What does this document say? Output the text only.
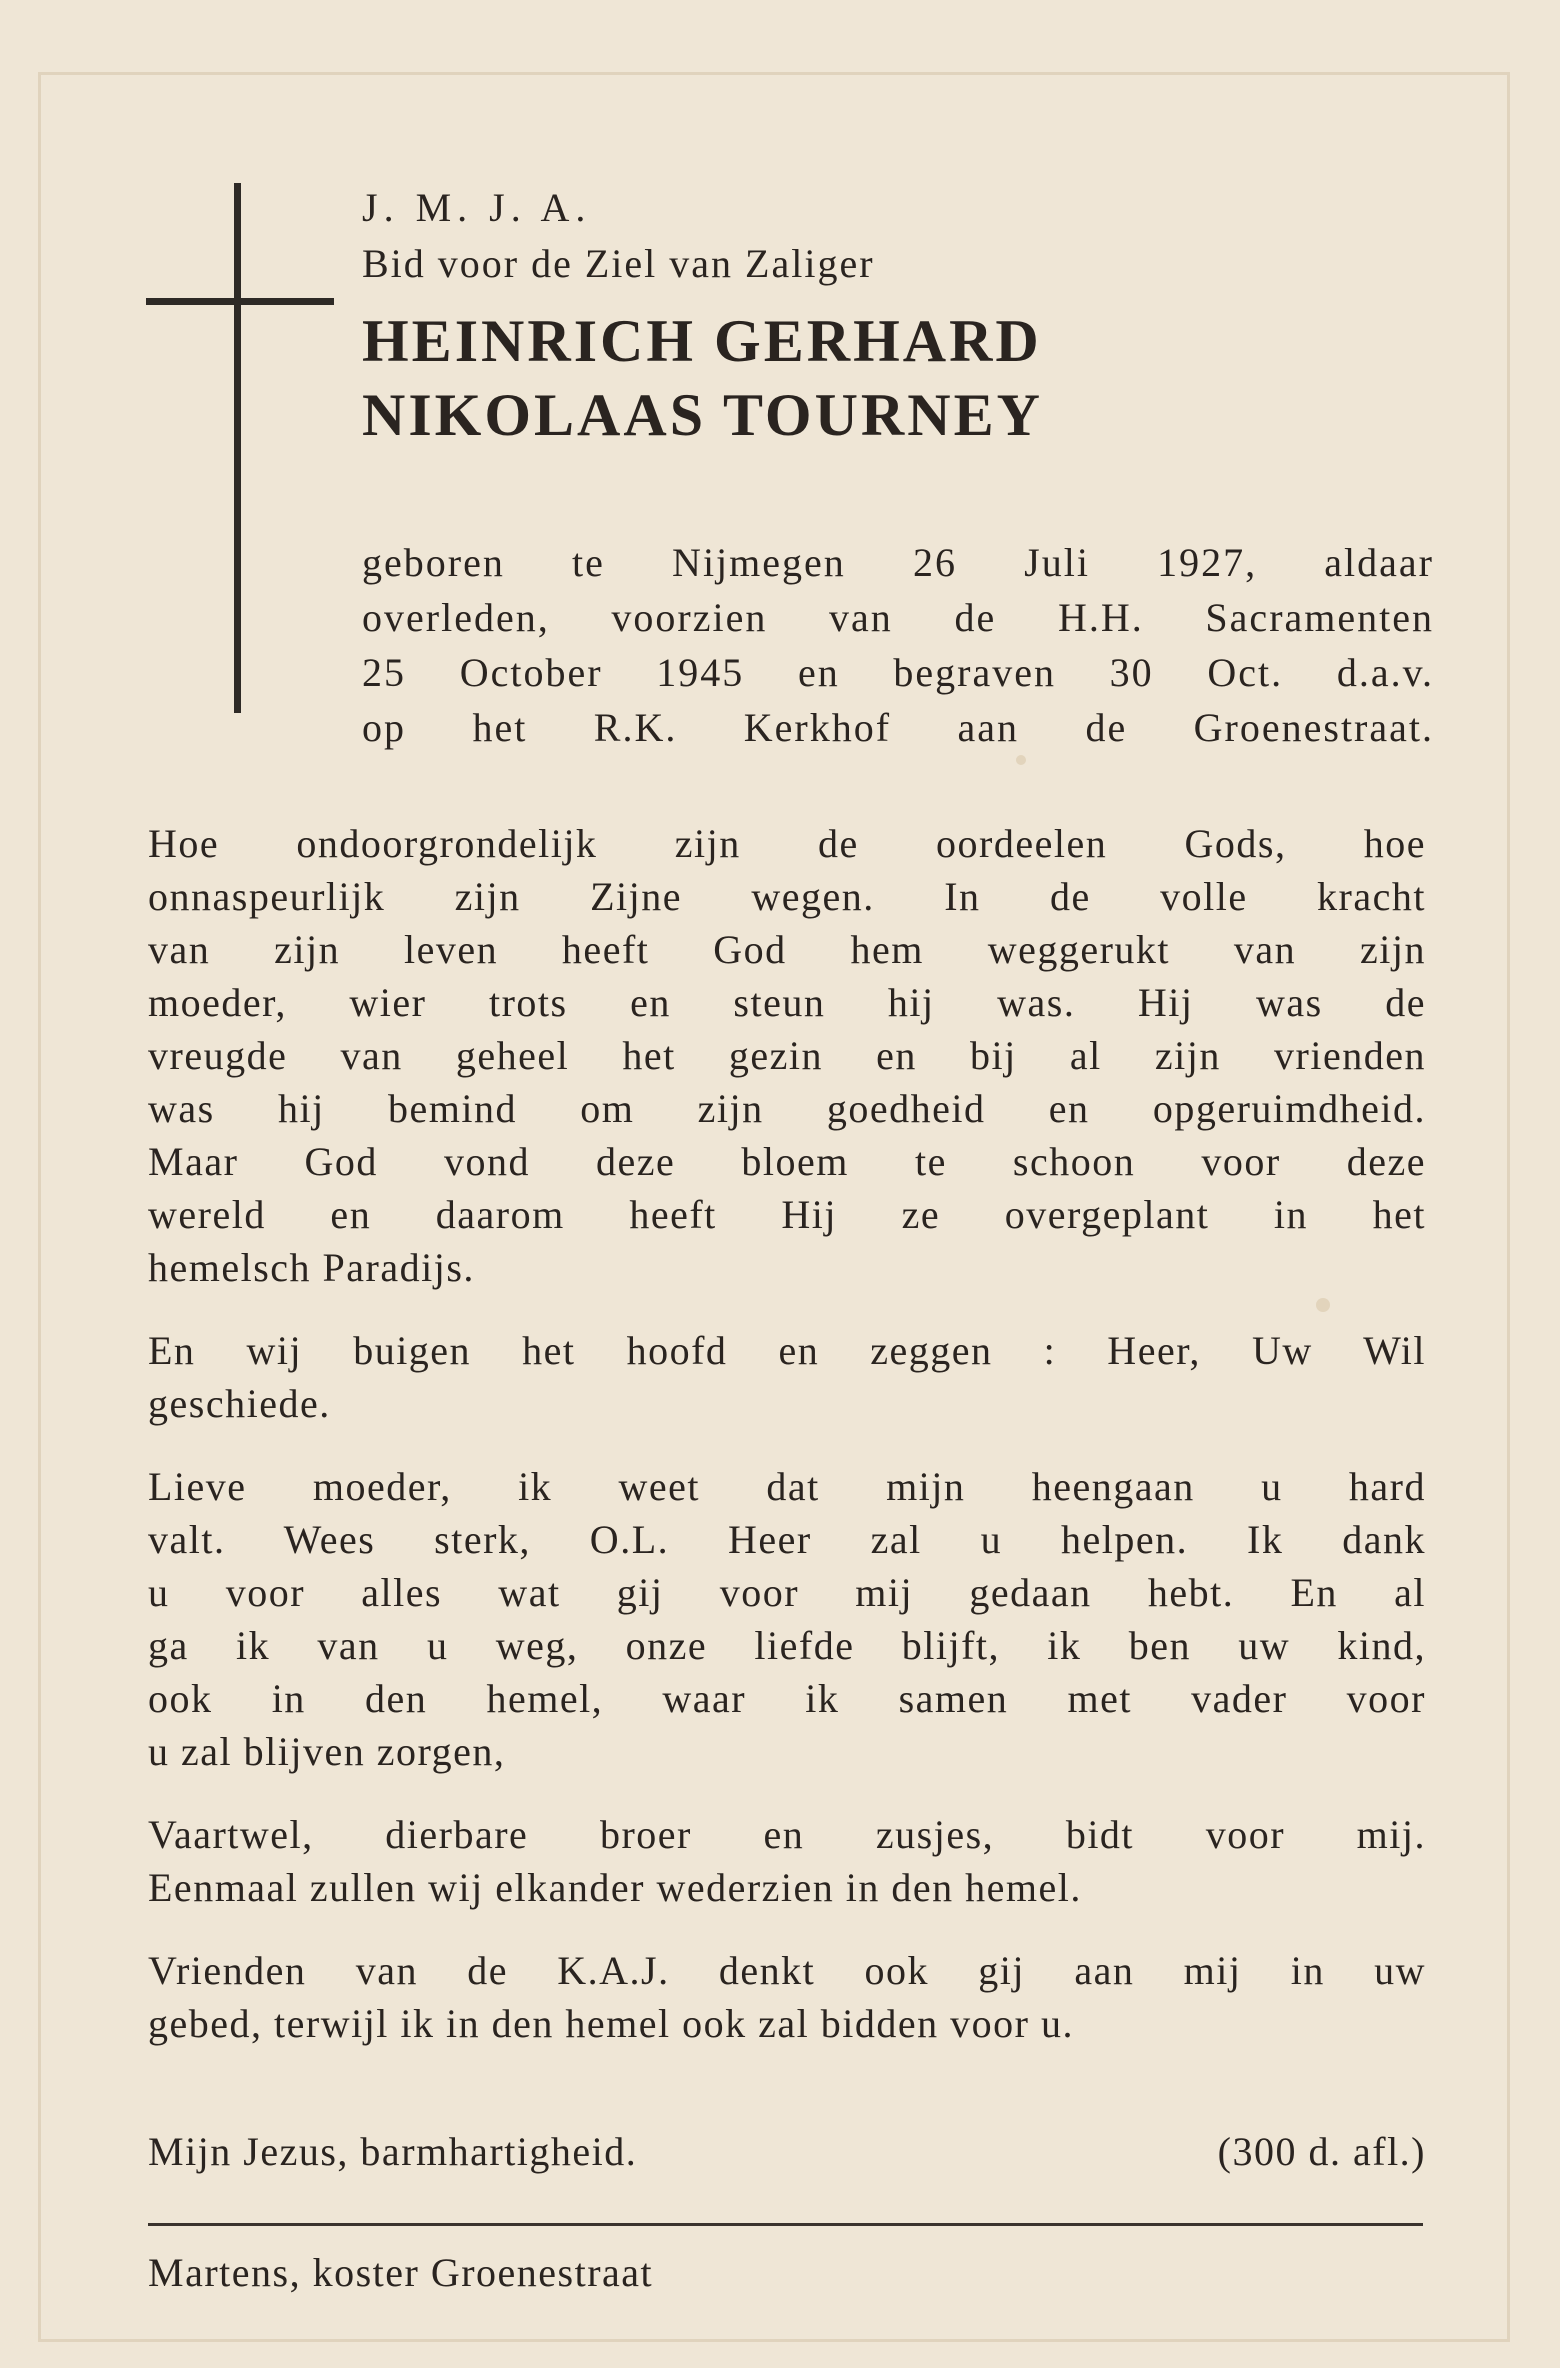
J. M. J. A.

Bid voor de Ziel van Zaliger

HEINRICH GERHARD

NIKOLAAS TOURNEY

geboren te Nijmegen 26 Juli 1927, aldaar
overleden, voorzien van de H.H. Sacramenten
25 October 1945 en begraven 30 Oct. d.a.v.
op het R.K. Kerkhof aan de Groenestraat.
Hoe ondoorgrondelijk zijn de oordeelen Gods, hoe
onnaspeurlijk zijn Zijne wegen. In de volle kracht
van zijn leven heeft God hem weggerukt van zijn
moeder, wier trots en steun hij was. Hij was de
vreugde van geheel het gezin en bij al zijn vrienden
was hij bemind om zijn goedheid en opgeruimdheid.
Maar God vond deze bloem te schoon voor deze
wereld en daarom heeft Hij ze overgeplant in het
hemelsch Paradijs.
En wij buigen het hoofd en zeggen : Heer, Uw Wil
geschiede.
Lieve moeder, ik weet dat mijn heengaan u hard
valt. Wees sterk, O.L. Heer zal u helpen. Ik dank
u voor alles wat gij voor mij gedaan hebt. En al
ga ik van u weg, onze liefde blijft, ik ben uw kind,
ook in den hemel, waar ik samen met vader voor
u zal blijven zorgen,
Vaartwel, dierbare broer en zusjes, bidt voor mij.
Eenmaal zullen wij elkander wederzien in den hemel.
Vrienden van de K.A.J. denkt ook gij aan mij in uw
gebed, terwijl ik in den hemel ook zal bidden voor u.
Mijn Jezus, barmhartigheid.	(300 d. afl.)
Martens, koster Groenestraat
